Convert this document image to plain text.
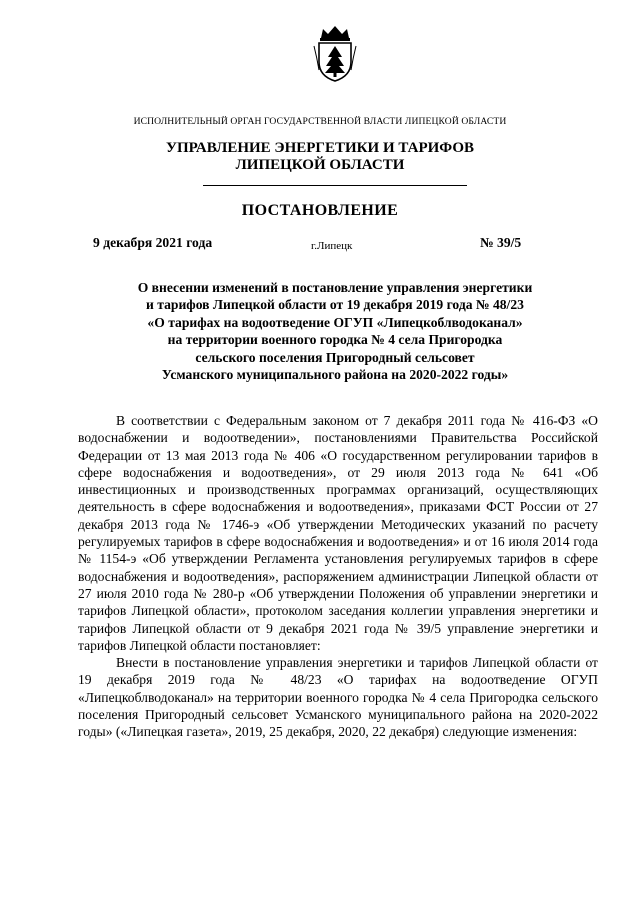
ИСПОЛНИТЕЛЬНЫЙ ОРГАН ГОСУДАРСТВЕННОЙ ВЛАСТИ ЛИПЕЦКОЙ ОБЛАСТИ
УПРАВЛЕНИЕ ЭНЕРГЕТИКИ И ТАРИФОВ
ЛИПЕЦКОЙ ОБЛАСТИ
ПОСТАНОВЛЕНИЕ
9 декабря 2021 года	г.Липецк	№ 39/5
О внесении изменений в постановление управления энергетики
и тарифов Липецкой области от 19 декабря 2019 года № 48/23
«О тарифах на водоотведение ОГУП «Липецкоблводоканал»
на территории военного городка № 4 села Пригородка
сельского поселения Пригородный сельсовет
Усманского муниципального района на 2020-2022 годы»

В соответствии с Федеральным законом от 7 декабря 2011 года № 416-ФЗ «О водоснабжении и водоотведении», постановлениями Правительства Российской Федерации от 13 мая 2013 года № 406 «О государственном регулировании тарифов в сфере водоснабжения и водоотведения», от 29 июля 2013 года № 641 «Об инвестиционных и производственных программах организаций, осуществляющих деятельность в сфере водоснабжения и водоотведения», приказами ФСТ России от 27 декабря 2013 года № 1746-э «Об утверждении Методических указаний по расчету регулируемых тарифов в сфере водоснабжения и водоотведения» и от 16 июля 2014 года № 1154-э «Об утверждении Регламента установления регулируемых тарифов в сфере водоснабжения и водоотведения», распоряжением администрации Липецкой области от 27 июля 2010 года № 280-р «Об утверждении Положения об управлении энергетики и тарифов Липецкой области», протоколом заседания коллегии управления энергетики и тарифов Липецкой области от 9 декабря 2021 года № 39/5 управление энергетики и тарифов Липецкой области постановляет:

Внести в постановление управления энергетики и тарифов Липецкой области от 19 декабря 2019 года № 48/23 «О тарифах на водоотведение ОГУП «Липецкоблводоканал» на территории военного городка № 4 села Пригородка сельского поселения Пригородный сельсовет Усманского муниципального района на 2020-2022 годы» («Липецкая газета», 2019, 25 декабря, 2020, 22 декабря) следующие изменения:
